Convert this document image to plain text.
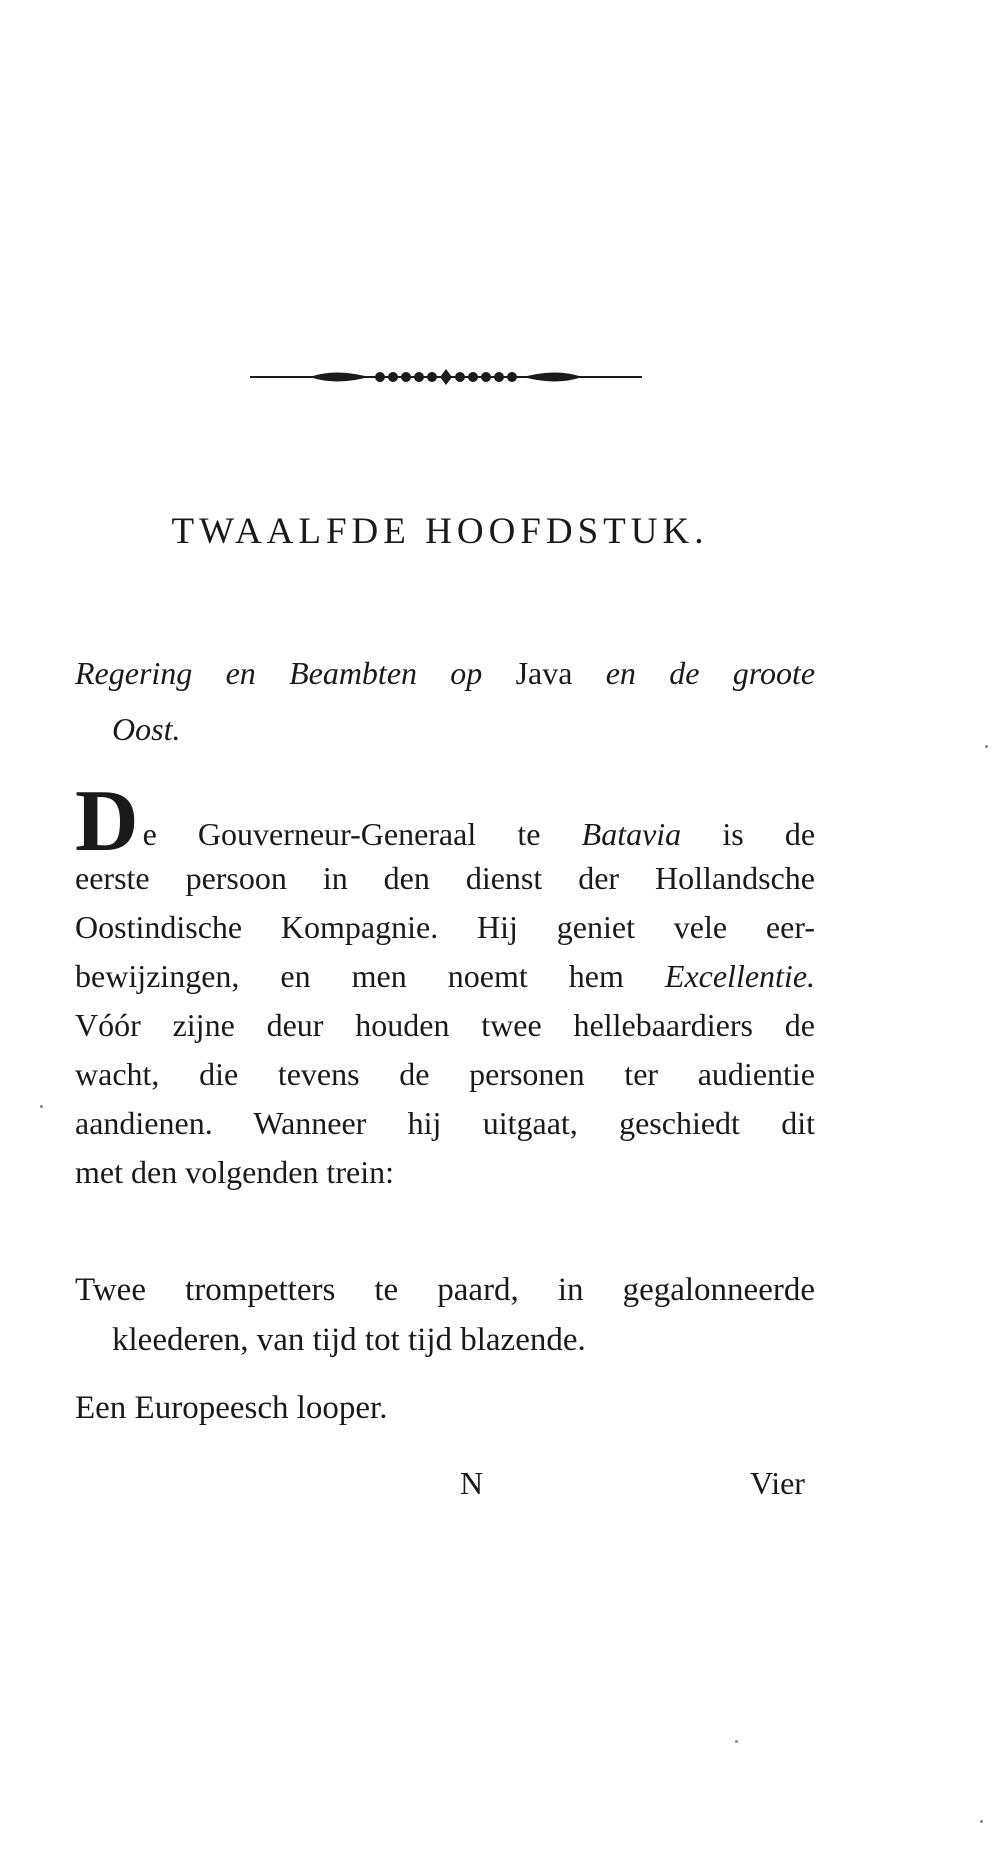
TWAALFDE HOOFDSTUK.
Regering en Beambten op Java en de groote
Oost.
D e Gouverneur-Generaal te Batavia is de
eerste persoon in den dienst der Hollandsche
Oostindische Kompagnie. Hij geniet vele eer-
bewijzingen, en men noemt hem Excellentie.
Vóór zijne deur houden twee hellebaardiers de
wacht, die tevens de personen ter audientie
aandienen. Wanneer hij uitgaat, geschiedt dit
met den volgenden trein:
Twee trompetters te paard, in gegalonneerde
kleederen, van tijd tot tijd blazende.
Een Europeesch looper.
N	Vier
